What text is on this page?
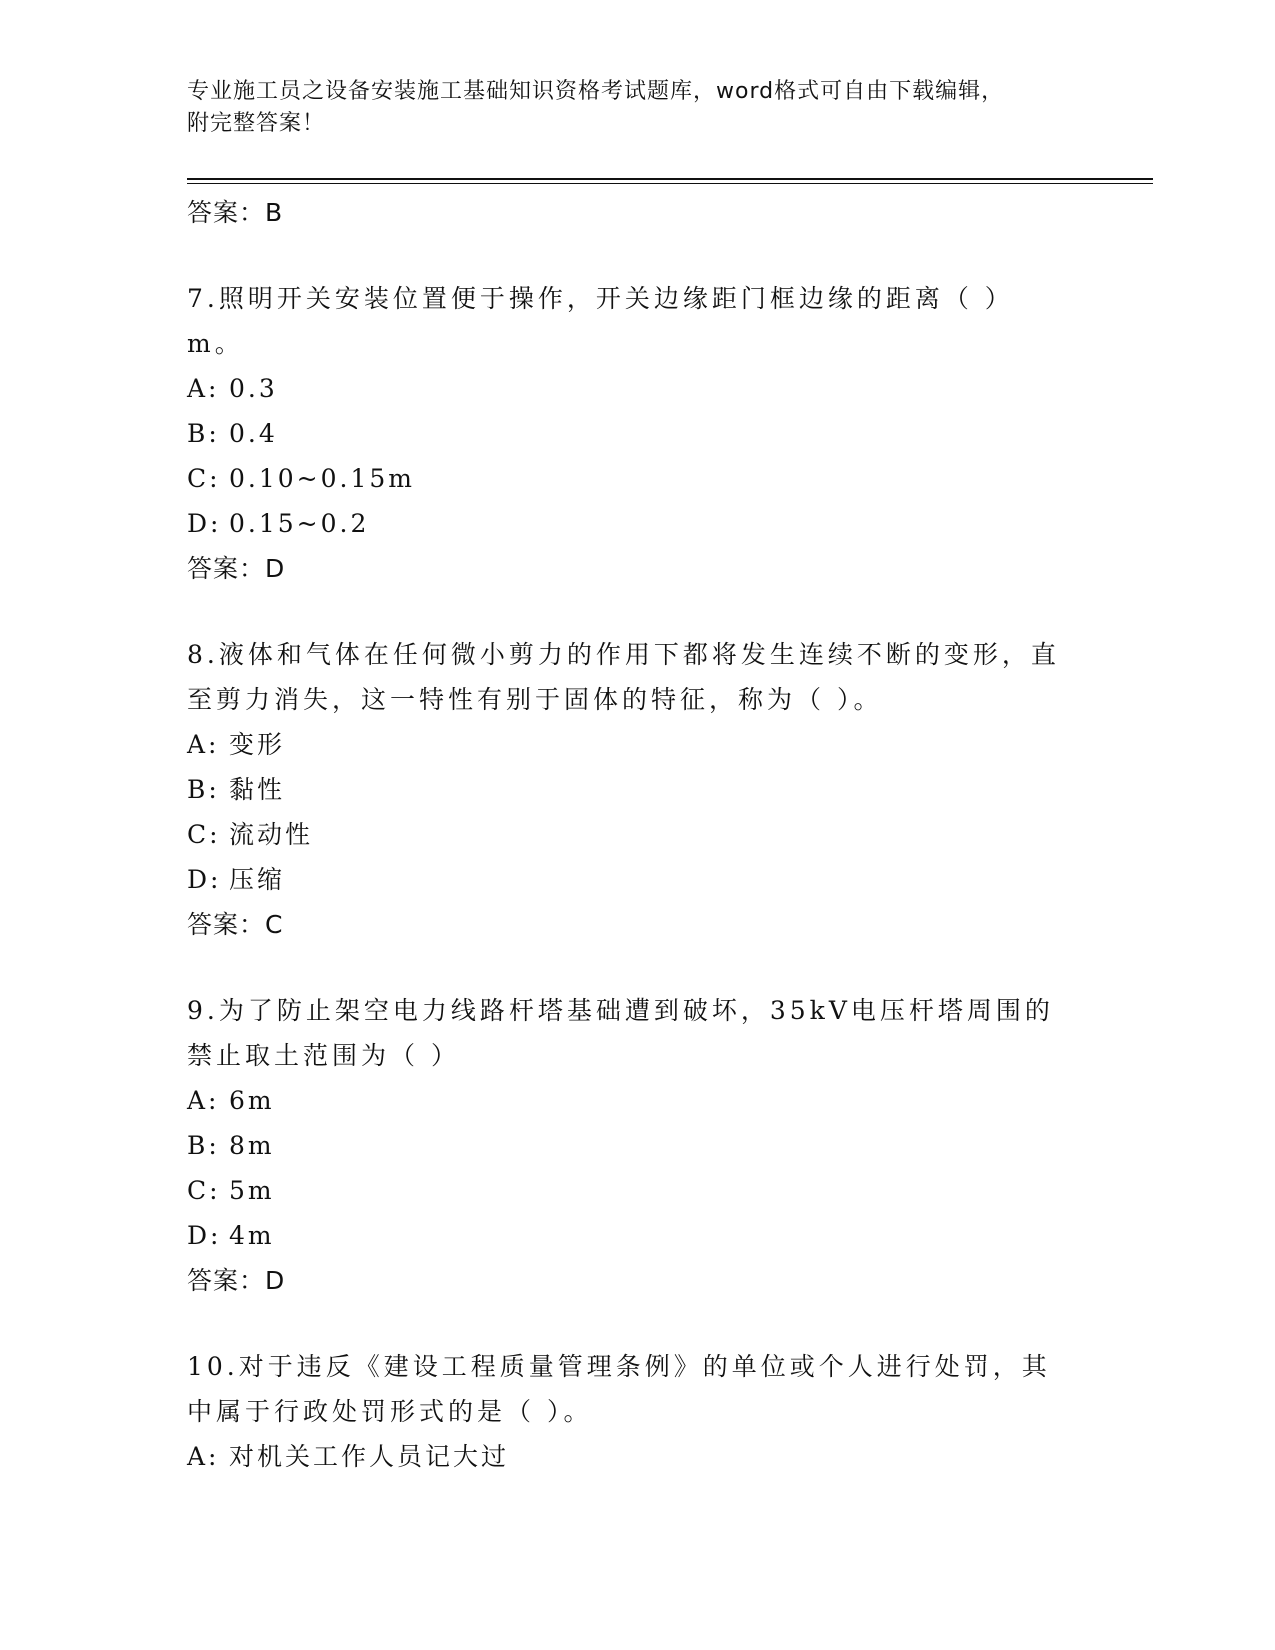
专业施工员之设备安装施工基础知识资格考试题库，word格式可自由下载编辑，
附完整答案！
答案：B
7.照明开关安装位置便于操作，开关边缘距门框边缘的距离（ ）m。
A: 0.3
B: 0.4
C: 0.10~0.15m
D: 0.15~0.2
答案：D
8.液体和气体在任何微小剪力的作用下都将发生连续不断的变形，直至剪力消失，这一特性有别于固体的特征，称为（ ）。
A: 变形
B: 黏性
C: 流动性
D: 压缩
答案：C
9.为了防止架空电力线路杆塔基础遭到破坏，35kV电压杆塔周围的禁止取土范围为（ ）
A: 6m
B: 8m
C: 5m
D: 4m
答案：D
10.对于违反《建设工程质量管理条例》的单位或个人进行处罚，其中属于行政处罚形式的是（ ）。
A: 对机关工作人员记大过
